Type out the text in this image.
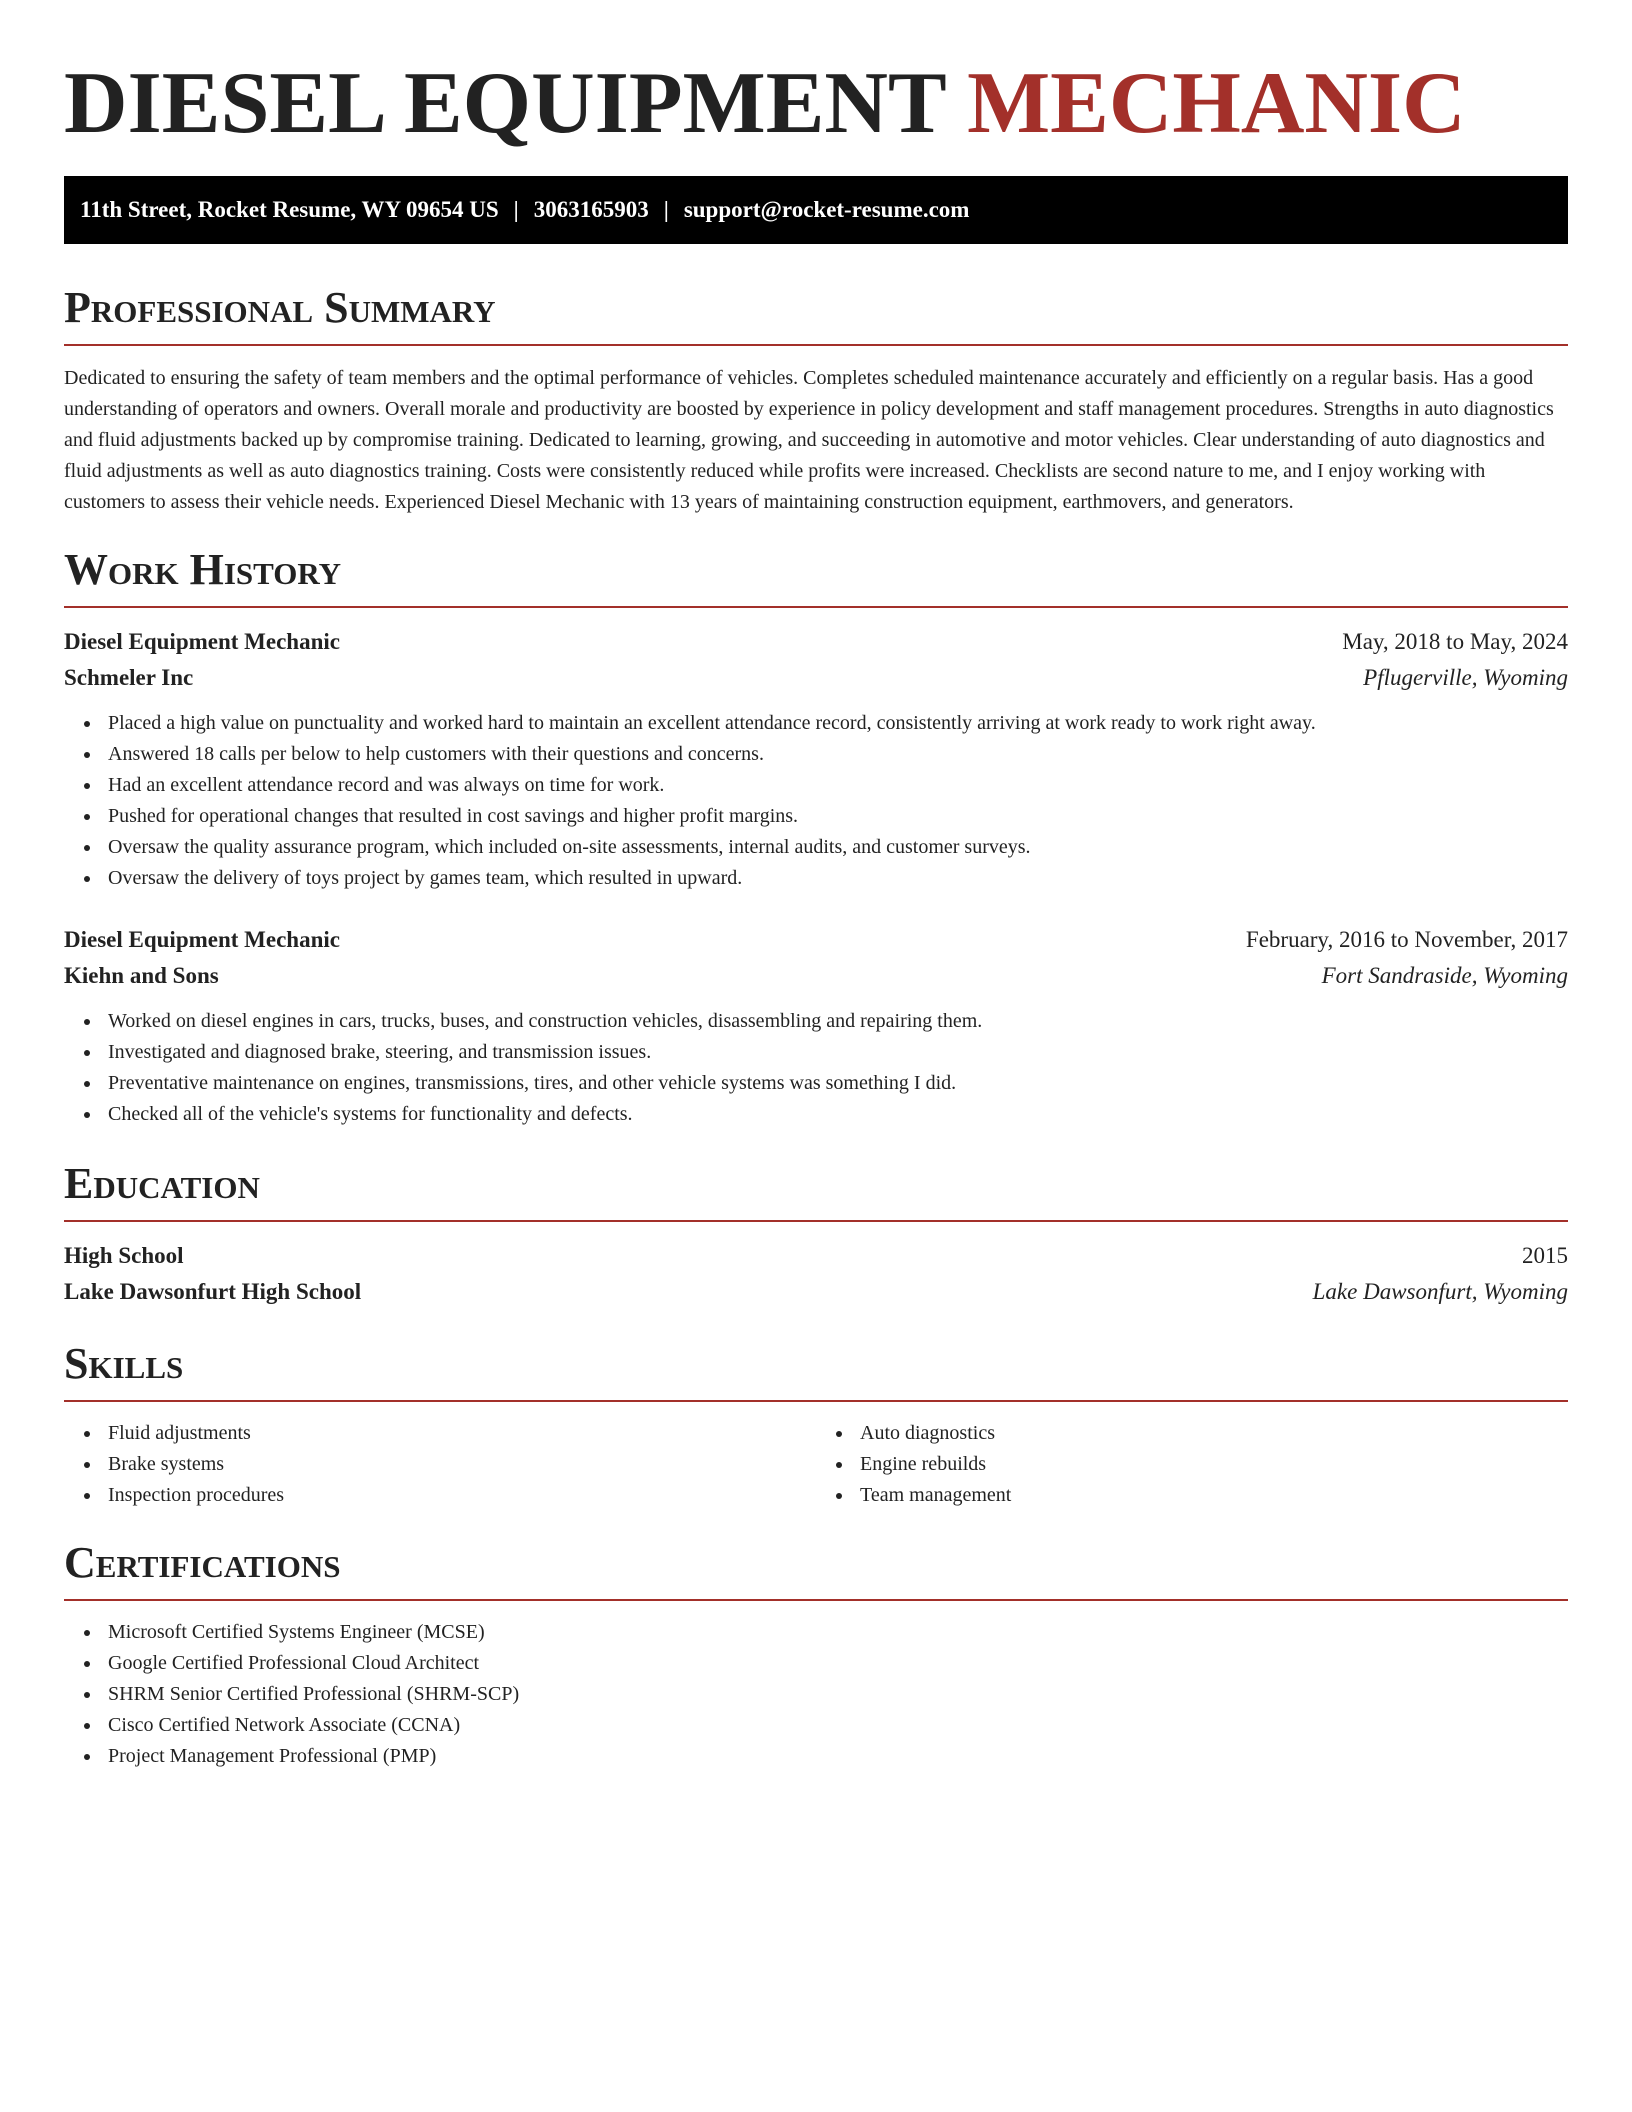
DIESEL EQUIPMENT MECHANIC
11th Street, Rocket Resume, WY 09654 US | 3063165903 | support@rocket-resume.com
Professional Summary

Dedicated to ensuring the safety of team members and the optimal performance of vehicles. Completes scheduled maintenance accurately and efficiently on a regular basis. Has a good understanding of operators and owners. Overall morale and productivity are boosted by experience in policy development and staff management procedures. Strengths in auto diagnostics and fluid adjustments backed up by compromise training. Dedicated to learning, growing, and succeeding in automotive and motor vehicles. Clear understanding of auto diagnostics and fluid adjustments as well as auto diagnostics training. Costs were consistently reduced while profits were increased. Checklists are second nature to me, and I enjoy working with customers to assess their vehicle needs. Experienced Diesel Mechanic with 13 years of maintaining construction equipment, earthmovers, and generators.

Work History
Diesel Equipment Mechanic	May, 2018 to May, 2024
Schmeler Inc	Pflugerville, Wyoming
Placed a high value on punctuality and worked hard to maintain an excellent attendance record, consistently arriving at work ready to work right away.
Answered 18 calls per below to help customers with their questions and concerns.
Had an excellent attendance record and was always on time for work.
Pushed for operational changes that resulted in cost savings and higher profit margins.
Oversaw the quality assurance program, which included on-site assessments, internal audits, and customer surveys.
Oversaw the delivery of toys project by games team, which resulted in upward.
Diesel Equipment Mechanic	February, 2016 to November, 2017
Kiehn and Sons	Fort Sandraside, Wyoming
Worked on diesel engines in cars, trucks, buses, and construction vehicles, disassembling and repairing them.
Investigated and diagnosed brake, steering, and transmission issues.
Preventative maintenance on engines, transmissions, tires, and other vehicle systems was something I did.
Checked all of the vehicle's systems for functionality and defects.
Education
High School	2015
Lake Dawsonfurt High School	Lake Dawsonfurt, Wyoming
Skills
Fluid adjustments
Brake systems
Inspection procedures
Auto diagnostics
Engine rebuilds
Team management
Certifications
Microsoft Certified Systems Engineer (MCSE)
Google Certified Professional Cloud Architect
SHRM Senior Certified Professional (SHRM-SCP)
Cisco Certified Network Associate (CCNA)
Project Management Professional (PMP)
